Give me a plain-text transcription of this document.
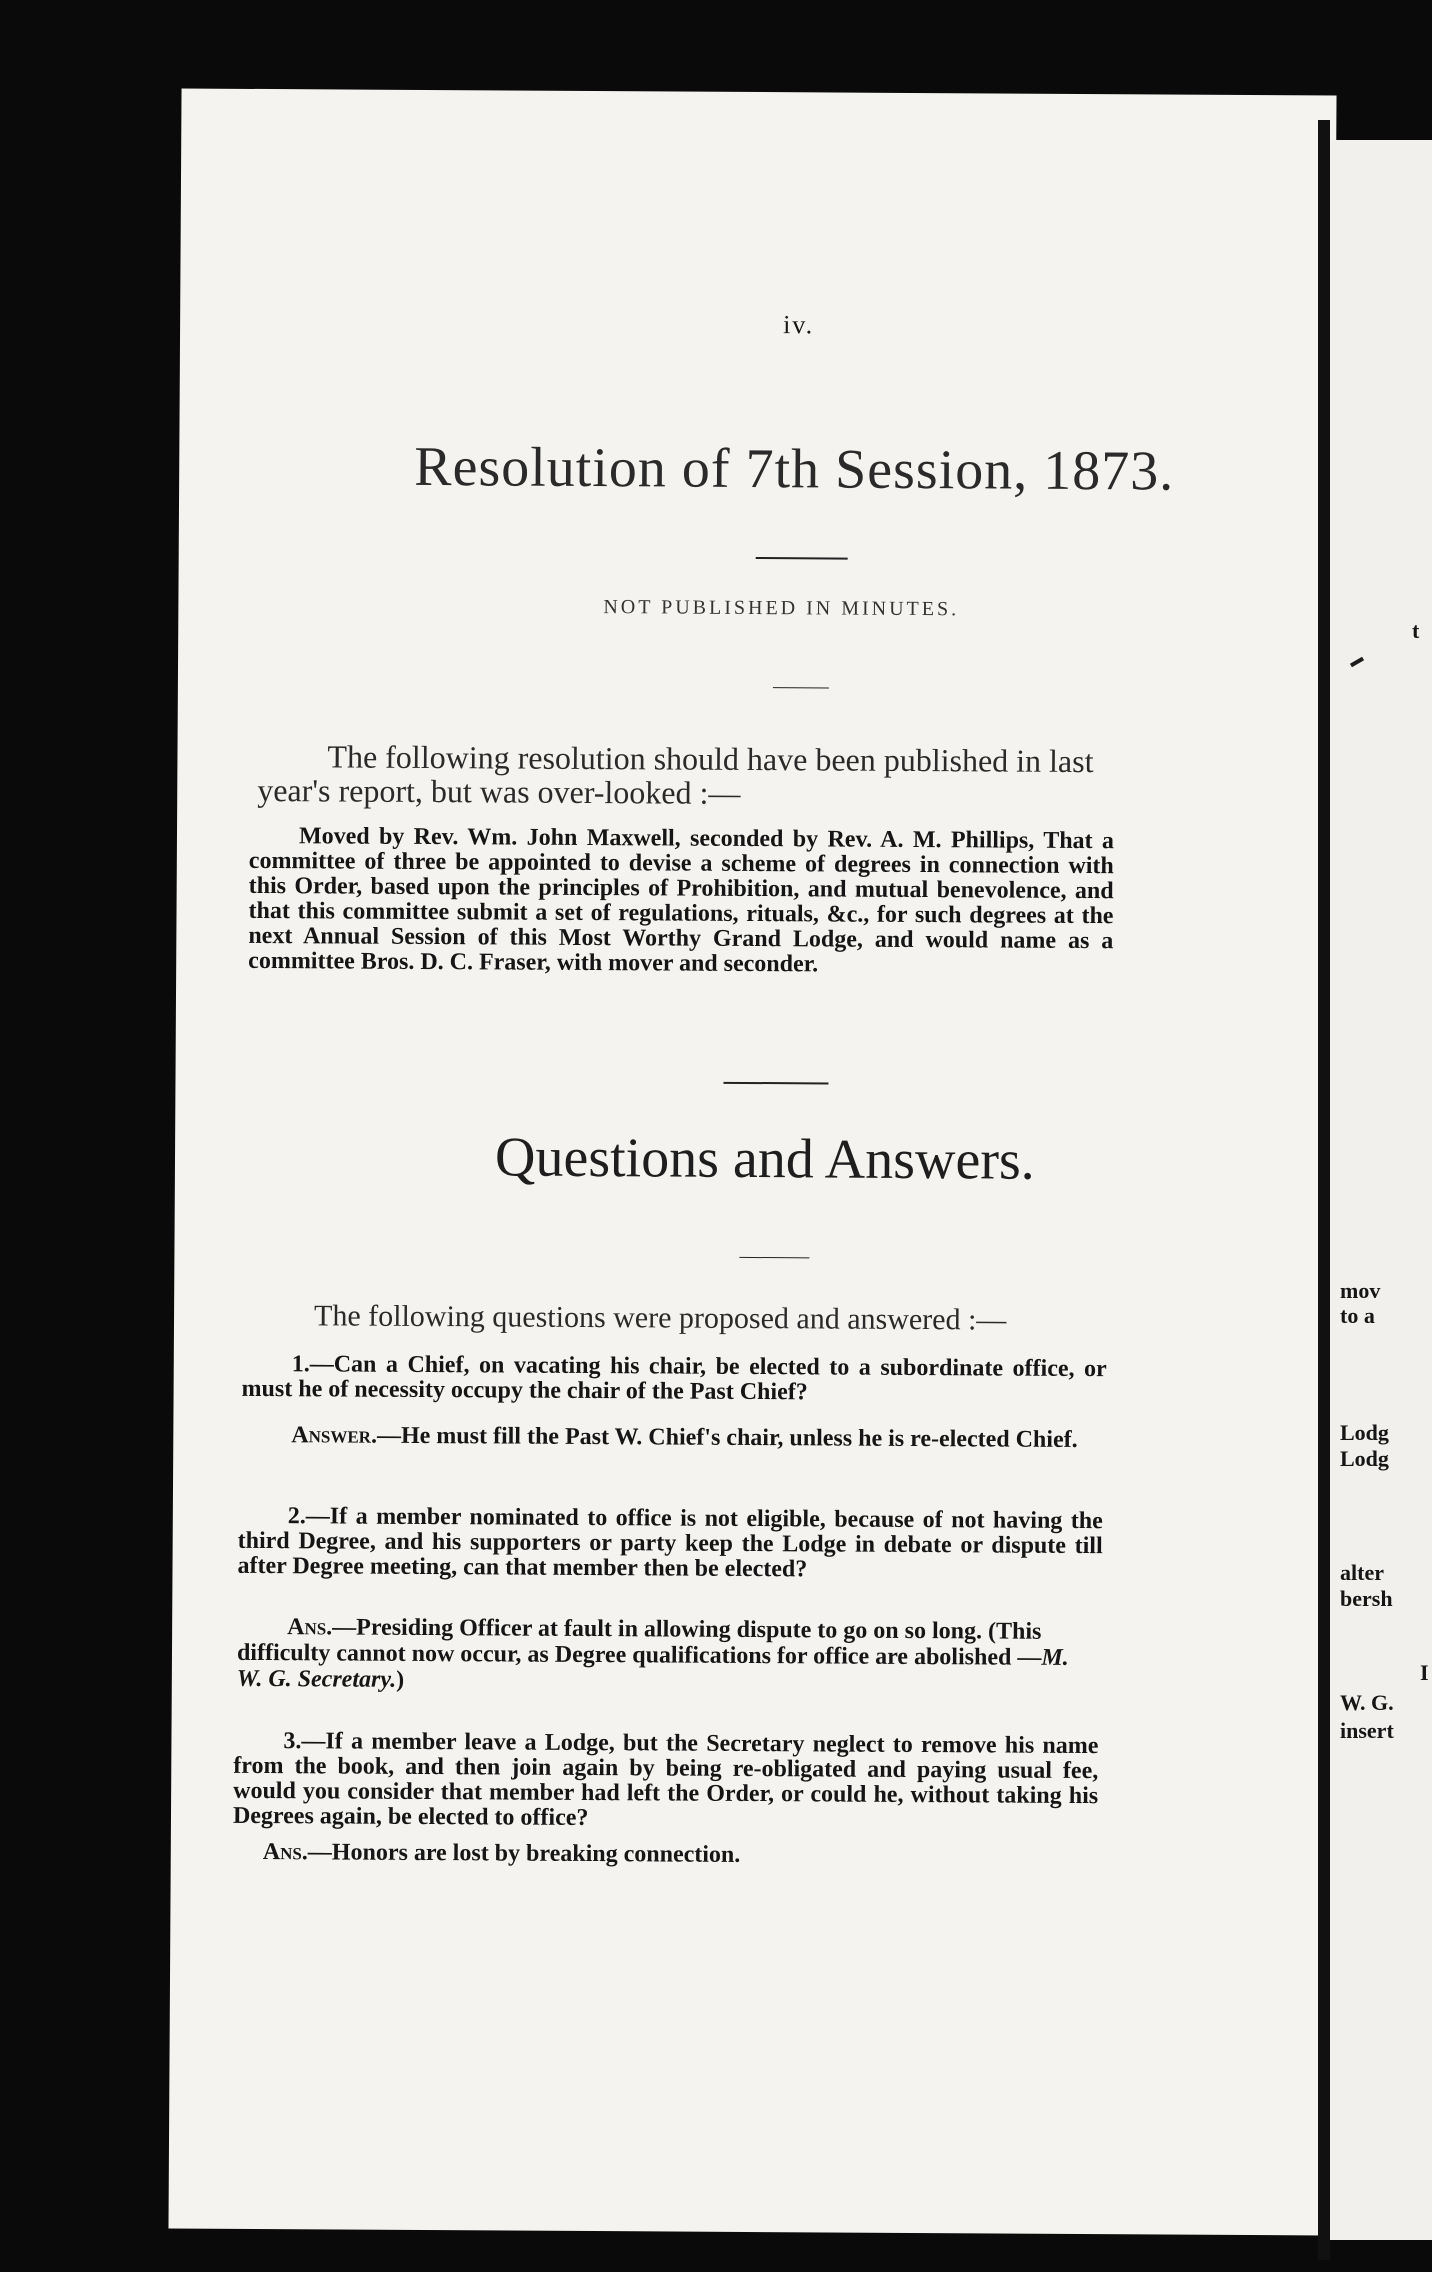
iv.
Resolution of 7th Session, 1873.
NOT PUBLISHED IN MINUTES.

The following resolution should have been published in last year's report, but was over-looked :—

Moved by Rev. Wm. John Maxwell, seconded by Rev. A. M. Phillips, That a committee of three be appointed to devise a scheme of degrees in connection with this Order, based upon the principles of Prohibition, and mutual benevolence, and that this committee submit a set of regulations, rituals, &c., for such degrees at the next Annual Session of this Most Worthy Grand Lodge, and would name as a committee Bros. D. C. Fraser, with mover and seconder.

Questions and Answers.

The following questions were proposed and answered :—

1.—Can a Chief, on vacating his chair, be elected to a subordinate office, or must he of necessity occupy the chair of the Past Chief?

Answer.—He must fill the Past W. Chief's chair, unless he is re-elected Chief.

2.—If a member nominated to office is not eligible, because of not having the third Degree, and his supporters or party keep the Lodge in debate or dispute till after Degree meeting, can that member then be elected?

Ans.—Presiding Officer at fault in allowing dispute to go on so long. (This difficulty cannot now occur, as Degree qualifications for office are abolished —M. W. G. Secretary.)

3.—If a member leave a Lodge, but the Secretary neglect to remove his name from the book, and then join again by being re-obligated and paying usual fee, would you consider that member had left the Order, or could he, without taking his Degrees again, be elected to office?

Ans.—Honors are lost by breaking connection.

t
mov
to a
Lodg
Lodg
alter
bersh
I
W. G.
insert
